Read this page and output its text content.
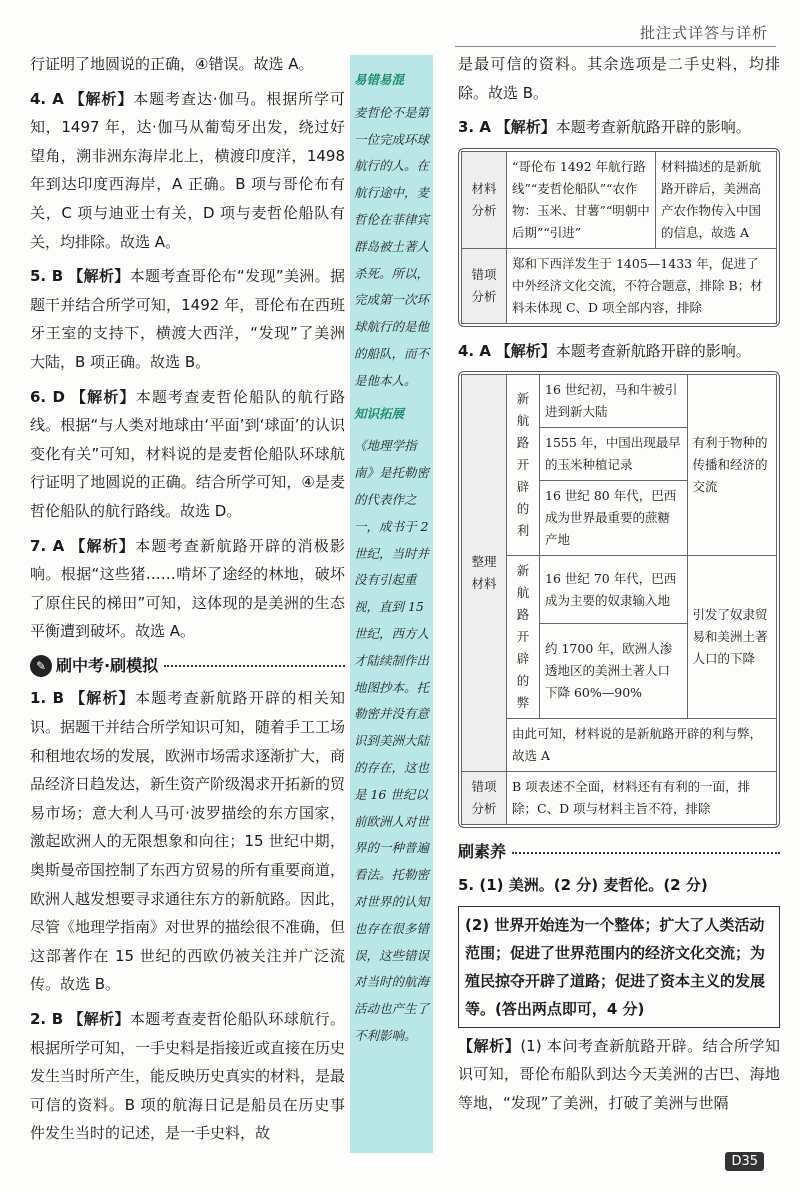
批注式详答与详析

行证明了地圆说的正确，④错误。故选 A。

4. A 【解析】本题考查达·伽马。根据所学可知，1497 年，达·伽马从葡萄牙出发，绕过好望角，溯非洲东海岸北上，横渡印度洋，1498 年到达印度西海岸，A 正确。B 项与哥伦布有关，C 项与迪亚士有关，D 项与麦哲伦船队有关，均排除。故选 A。

5. B 【解析】本题考查哥伦布“发现”美洲。据题干并结合所学可知，1492 年，哥伦布在西班牙王室的支持下，横渡大西洋，“发现”了美洲大陆，B 项正确。故选 B。

6. D 【解析】本题考查麦哲伦船队的航行路线。根据“与人类对地球由‘平面’到‘球面’的认识变化有关”可知，材料说的是麦哲伦船队环球航行证明了地圆说的正确。结合所学可知，④是麦哲伦船队的航行路线。故选 D。

7. A 【解析】本题考查新航路开辟的消极影响。根据“这些猪……啃坏了途经的林地，破坏了原住民的梯田”可知，这体现的是美洲的生态平衡遭到破坏。故选 A。

✎ 刷中考·刷模拟

1. B 【解析】本题考查新航路开辟的相关知识。据题干并结合所学知识可知，随着手工工场和租地农场的发展，欧洲市场需求逐渐扩大，商品经济日趋发达，新生资产阶级渴求开拓新的贸易市场；意大利人马可·波罗描绘的东方国家，激起欧洲人的无限想象和向往；15 世纪中期，奥斯曼帝国控制了东西方贸易的所有重要商道，欧洲人越发想要寻求通往东方的新航路。因此，尽管《地理学指南》对世界的描绘很不准确，但这部著作在 15 世纪的西欧仍被关注并广泛流传。故选 B。

2. B 【解析】本题考查麦哲伦船队环球航行。根据所学可知，一手史料是指接近或直接在历史发生当时所产生，能反映历史真实的材料，是最可信的资料。B 项的航海日记是船员在历史事件发生当时的记述，是一手史料，故

易错易混

麦哲伦不是第一位完成环球航行的人。在航行途中，麦哲伦在菲律宾群岛被土著人杀死。所以，完成第一次环球航行的是他的船队，而不是他本人。

知识拓展

《地理学指南》是托勒密的代表作之一，成书于 2 世纪，当时并没有引起重视，直到 15 世纪，西方人才陆续制作出地图抄本。托勒密并没有意识到美洲大陆的存在，这也是 16 世纪以前欧洲人对世界的一种普遍看法。托勒密对世界的认知也存在很多错误，这些错误对当时的航海活动也产生了不利影响。

是最可信的资料。其余选项是二手史料，均排除。故选 B。

3. A 【解析】本题考查新航路开辟的影响。

材料分析	“哥伦布 1492 年航行路线”“麦哲伦船队”“农作物：玉米、甘薯”“明朝中后期”“引进”	材料描述的是新航路开辟后，美洲高产农作物传入中国的信息，故选 A
错项分析	郑和下西洋发生于 1405—1433 年，促进了中外经济文化交流，不符合题意，排除 B；材料未体现 C、D 项全部内容，排除	

4. A 【解析】本题考查新航路开辟的影响。

整理材料	新航路开辟的利	16 世纪初，马和牛被引进到新大陆	有利于物种的传播和经济的交流
		1555 年，中国出现最早的玉米种植记录	
		16 世纪 80 年代，巴西成为世界最重要的蔗糖产地	
	新航路开辟的弊	16 世纪 70 年代，巴西成为主要的奴隶输入地	引发了奴隶贸易和美洲土著人口的下降
		约 1700 年，欧洲人渗透地区的美洲土著人口下降 60%—90%	
	由此可知，材料说的是新航路开辟的利与弊，故选 A		
错项分析	B 项表述不全面，材料还有有利的一面，排除；C、D 项与材料主旨不符，排除		
刷素养

5. (1) 美洲。(2 分) 麦哲伦。(2 分)

(2) 世界开始连为一个整体；扩大了人类活动范围；促进了世界范围内的经济文化交流；为殖民掠夺开辟了道路；促进了资本主义的发展等。(答出两点即可，4 分)

【解析】(1) 本问考查新航路开辟。结合所学知识可知，哥伦布船队到达今天美洲的古巴、海地等地，“发现”了美洲，打破了美洲与世隔

D35
